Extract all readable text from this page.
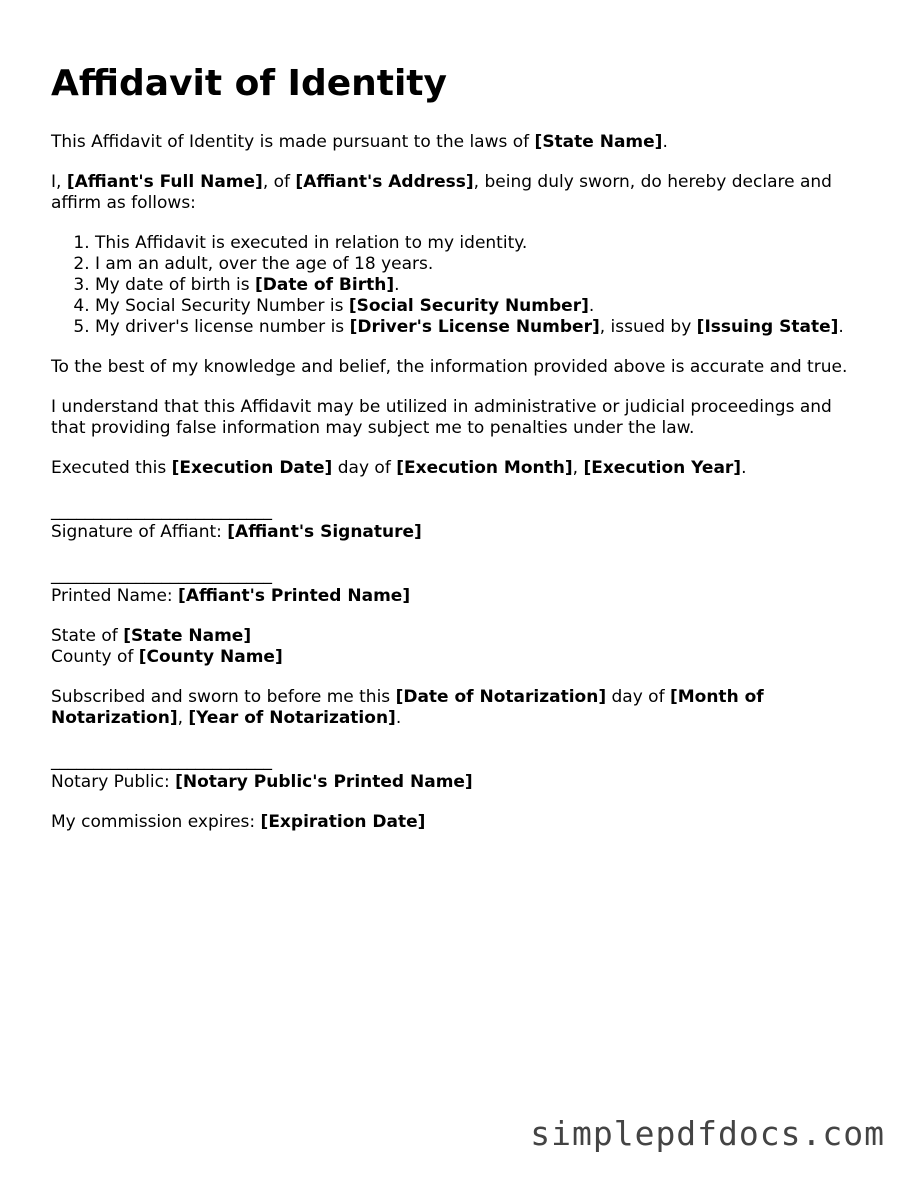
Affidavit of Identity

This Affidavit of Identity is made pursuant to the laws of [State Name].

I, [Affiant's Full Name], of [Affiant's Address], being duly sworn, do hereby declare and affirm as follows:

1. This Affidavit is executed in relation to my identity.
2. I am an adult, over the age of 18 years.
3. My date of birth is [Date of Birth].
4. My Social Security Number is [Social Security Number].
5. My driver's license number is [Driver's License Number], issued by [Issuing State].

To the best of my knowledge and belief, the information provided above is accurate and true.

I understand that this Affidavit may be utilized in administrative or judicial proceedings and that providing false information may subject me to penalties under the law.

Executed this [Execution Date] day of [Execution Month], [Execution Year].

__________________________

Signature of Affiant: [Affiant's Signature]

__________________________

Printed Name: [Affiant's Printed Name]

State of [State Name]
County of [County Name]

Subscribed and sworn to before me this [Date of Notarization] day of [Month of Notarization], [Year of Notarization].

__________________________

Notary Public: [Notary Public's Printed Name]

My commission expires: [Expiration Date]

simplepdfdocs.com
